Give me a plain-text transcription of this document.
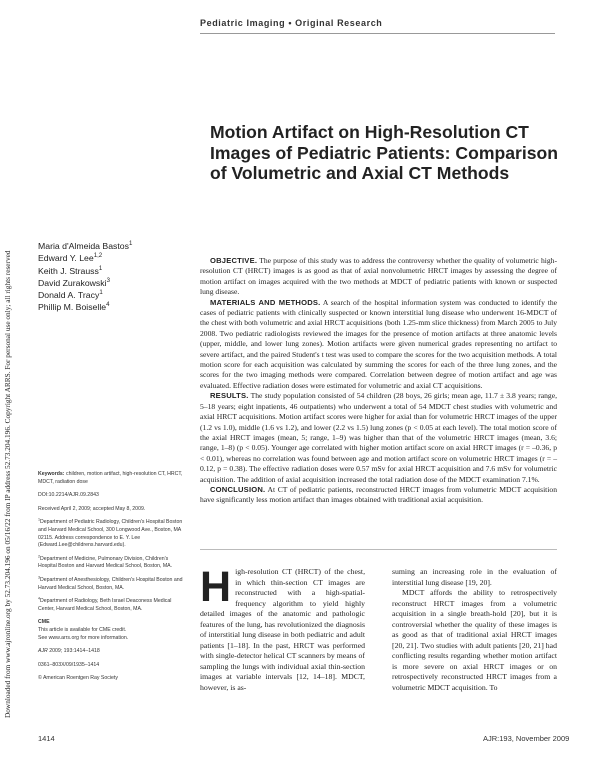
Pediatric Imaging • Original Research
Downloaded from www.ajronline.org by 52.73.204.196 on 05/16/22 from IP address 52.73.204.196. Copyright ARRS. For personal use only; all rights reserved
Motion Artifact on High-Resolution CT Images of Pediatric Patients: Comparison of Volumetric and Axial CT Methods
Maria d'Almeida Bastos$^1$
Edward Y. Lee$^{1,2}$
Keith J. Strauss$^1$
David Zurakowski$^3$
Donald A. Tracy$^1$
Phillip M. Boiselle$^4$

OBJECTIVE. The purpose of this study was to address the controversy whether the quality of volumetric high-resolution CT (HRCT) images is as good as that of axial nonvolumetric HRCT images by assessing the degree of motion artifact on images acquired with the two methods at MDCT of pediatric patients with known or suspected lung disease.

MATERIALS AND METHODS. A search of the hospital information system was conducted to identify the cases of pediatric patients with clinically suspected or known interstitial lung disease who underwent 16-MDCT of the chest with both volumetric and axial HRCT acquisitions (both 1.25-mm slice thickness) from March 2005 to July 2008. Two pediatric radiologists reviewed the images for the presence of motion artifacts at three anatomic levels (upper, middle, and lower lung zones). Motion artifacts were given numerical grades representing no artifact to severe artifact, and the paired Student's t test was used to compare the scores for the two acquisition methods. A total motion score for each acquisition was calculated by summing the scores for each of the three lung zones, and the scores for the two imaging methods were compared. Correlation between degree of motion artifact and age was evaluated. Effective radiation doses were estimated for volumetric and axial CT acquisitions.

RESULTS. The study population consisted of 54 children (28 boys, 26 girls; mean age, 11.7 ± 3.8 years; range, 5–18 years; eight inpatients, 46 outpatients) who underwent a total of 54 MDCT chest studies with volumetric and axial HRCT acquisitions. Motion artifact scores were higher for axial than for volumetric HRCT images of the upper (1.2 vs 1.0), middle (1.6 vs 1.2), and lower (2.2 vs 1.5) lung zones (p < 0.05 at each level). The total motion score of the axial HRCT images (mean, 5; range, 1–9) was higher than that of the volumetric HRCT images (mean, 3.6; range, 1–8) (p < 0.05). Younger age correlated with higher motion artifact score on axial HRCT images (r = –0.36, p < 0.01), whereas no correlation was found between age and motion artifact score on volumetric HRCT images (r = –0.12, p = 0.38). The effective radiation doses were 0.57 mSv for axial HRCT acquisition and 7.6 mSv for volumetric acquisition. The addition of axial acquisition increased the total radiation dose of the MDCT examination 7.1%.

CONCLUSION. At CT of pediatric patients, reconstructed HRCT images from volumetric MDCT acquisition have significantly less motion artifact than images obtained with traditional axial acquisition.

Keywords: children, motion artifact, high-resolution CT, HRCT, MDCT, radiation dose

DOI:10.2214/AJR.09.2843

Received April 2, 2009; accepted May 8, 2009.

$^1$Department of Pediatric Radiology, Children's Hospital Boston and Harvard Medical School, 300 Longwood Ave., Boston, MA 02115. Address correspondence to E. Y. Lee (Edward.Lee@childrens.harvard.edu).

$^2$Department of Medicine, Pulmonary Division, Children's Hospital Boston and Harvard Medical School, Boston, MA.

$^3$Department of Anesthesiology, Children's Hospital Boston and Harvard Medical School, Boston, MA.

$^4$Department of Radiology, Beth Israel Deaconess Medical Center, Harvard Medical School, Boston, MA.

CME
This article is available for CME credit.
See www.arrs.org for more information.

AJR 2009; 193:1414–1418

0361–803X/09/1935–1414

© American Roentgen Ray Society

High-resolution CT (HRCT) of the chest, in which thin-section CT images are reconstructed with a high-spatial-frequency algorithm to yield highly detailed images of the anatomic and pathologic features of the lung, has revolutionized the diagnosis of interstitial lung disease in both pediatric and adult patients [1–18]. In the past, HRCT was performed with single-detector helical CT scanners by means of sampling the lungs with individual axial thin-section images at variable intervals [12, 14–18]. MDCT, however, is as-

suming an increasing role in the evaluation of interstitial lung disease [19, 20].

MDCT affords the ability to retrospectively reconstruct HRCT images from a volumetric acquisition in a single breath-hold [20], but it is controversial whether the quality of these images is as good as that of traditional axial HRCT images [20, 21]. Two studies with adult patients [20, 21] had conflicting results regarding whether motion artifact is more severe on axial HRCT images or on retrospectively reconstructed HRCT images from a volumetric MDCT acquisition. To

1414	AJR:193, November 2009
